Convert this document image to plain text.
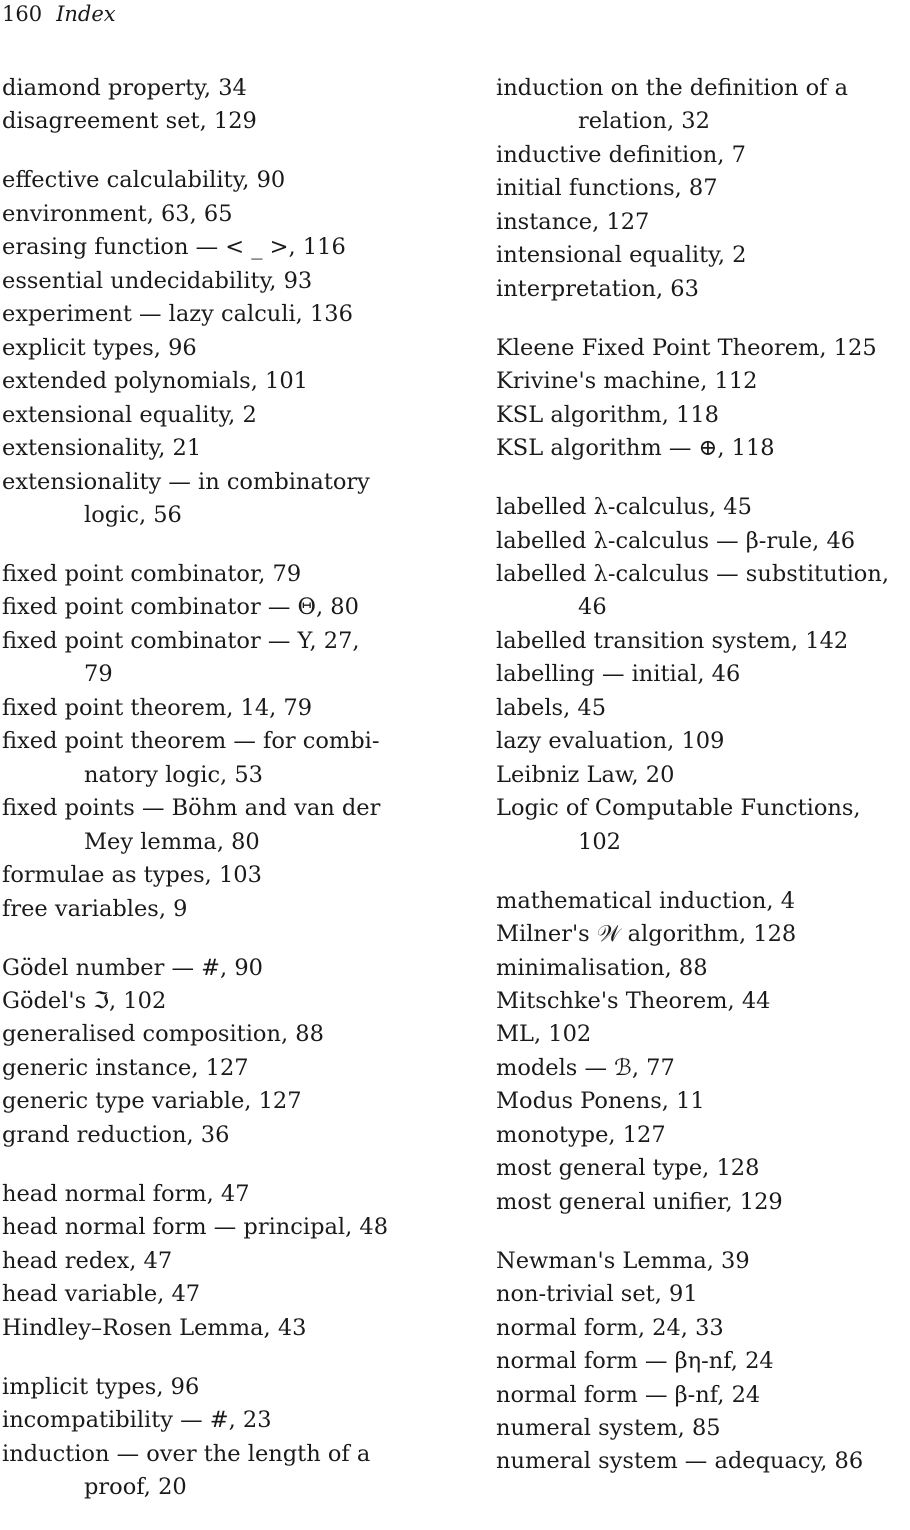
160 Index
diamond property, 34
disagreement set, 129
effective calculability, 90
environment, 63, 65
erasing function — < _ >, 116
essential undecidability, 93
experiment — lazy calculi, 136
explicit types, 96
extended polynomials, 101
extensional equality, 2
extensionality, 21
extensionality — in combinatory
logic, 56
fixed point combinator, 79
fixed point combinator — Θ, 80
fixed point combinator — Y, 27,
79
fixed point theorem, 14, 79
fixed point theorem — for combi-
natory logic, 53
fixed points — Böhm and van der
Mey lemma, 80
formulae as types, 103
free variables, 9
Gödel number — #, 90
Gödel's ℑ, 102
generalised composition, 88
generic instance, 127
generic type variable, 127
grand reduction, 36
head normal form, 47
head normal form — principal, 48
head redex, 47
head variable, 47
Hindley–Rosen Lemma, 43
implicit types, 96
incompatibility — #, 23
induction — over the length of a
proof, 20
induction on the definition of a
relation, 32
inductive definition, 7
initial functions, 87
instance, 127
intensional equality, 2
interpretation, 63
Kleene Fixed Point Theorem, 125
Krivine's machine, 112
KSL algorithm, 118
KSL algorithm — ⊕, 118
labelled λ-calculus, 45
labelled λ-calculus — β-rule, 46
labelled λ-calculus — substitution,
46
labelled transition system, 142
labelling — initial, 46
labels, 45
lazy evaluation, 109
Leibniz Law, 20
Logic of Computable Functions,
102
mathematical induction, 4
Milner's 𝒲 algorithm, 128
minimalisation, 88
Mitschke's Theorem, 44
ML, 102
models — ℬ, 77
Modus Ponens, 11
monotype, 127
most general type, 128
most general unifier, 129
Newman's Lemma, 39
non-trivial set, 91
normal form, 24, 33
normal form — βη-nf, 24
normal form — β-nf, 24
numeral system, 85
numeral system — adequacy, 86
